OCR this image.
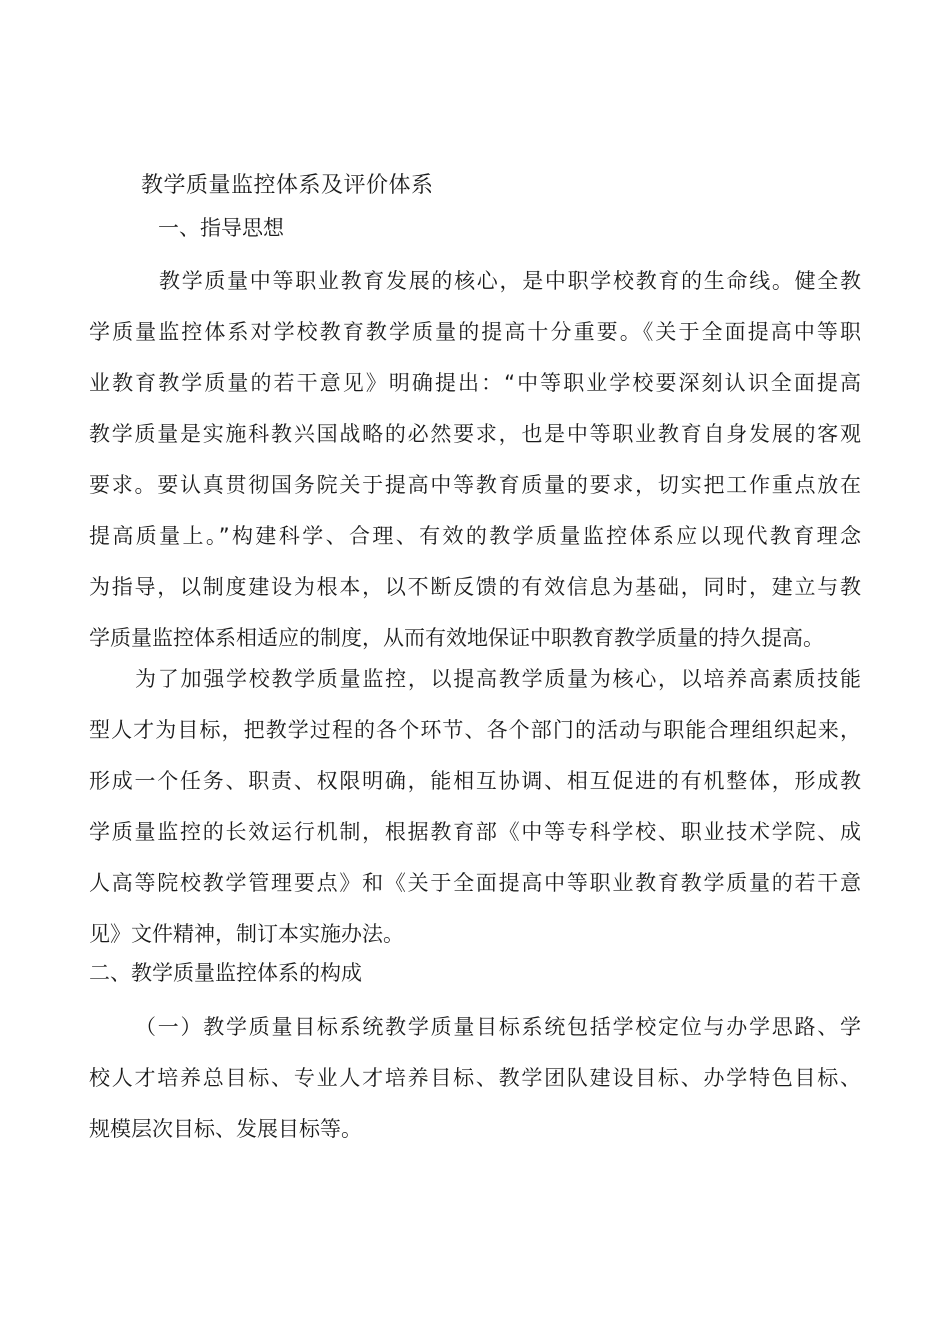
教学质量监控体系及评价体系

一、指导思想

教学质量中等职业教育发展的核心，是中职学校教育的生命线。健全教
学质量监控体系对学校教育教学质量的提高十分重要。《关于全面提高中等职
业教育教学质量的若干意见》明确提出：“中等职业学校要深刻认识全面提高
教学质量是实施科教兴国战略的必然要求，也是中等职业教育自身发展的客观
要求。要认真贯彻国务院关于提高中等教育质量的要求，切实把工作重点放在
提高质量上。”构建科学、合理、有效的教学质量监控体系应以现代教育理念
为指导，以制度建设为根本，以不断反馈的有效信息为基础，同时，建立与教
学质量监控体系相适应的制度，从而有效地保证中职教育教学质量的持久提高。
为了加强学校教学质量监控，以提高教学质量为核心，以培养高素质技能
型人才为目标，把教学过程的各个环节、各个部门的活动与职能合理组织起来，
形成一个任务、职责、权限明确，能相互协调、相互促进的有机整体，形成教
学质量监控的长效运行机制，根据教育部《中等专科学校、职业技术学院、成
人高等院校教学管理要点》和《关于全面提高中等职业教育教学质量的若干意
见》文件精神，制订本实施办法。

二、教学质量监控体系的构成

（一）教学质量目标系统教学质量目标系统包括学校定位与办学思路、学
校人才培养总目标、专业人才培养目标、教学团队建设目标、办学特色目标、
规模层次目标、发展目标等。
